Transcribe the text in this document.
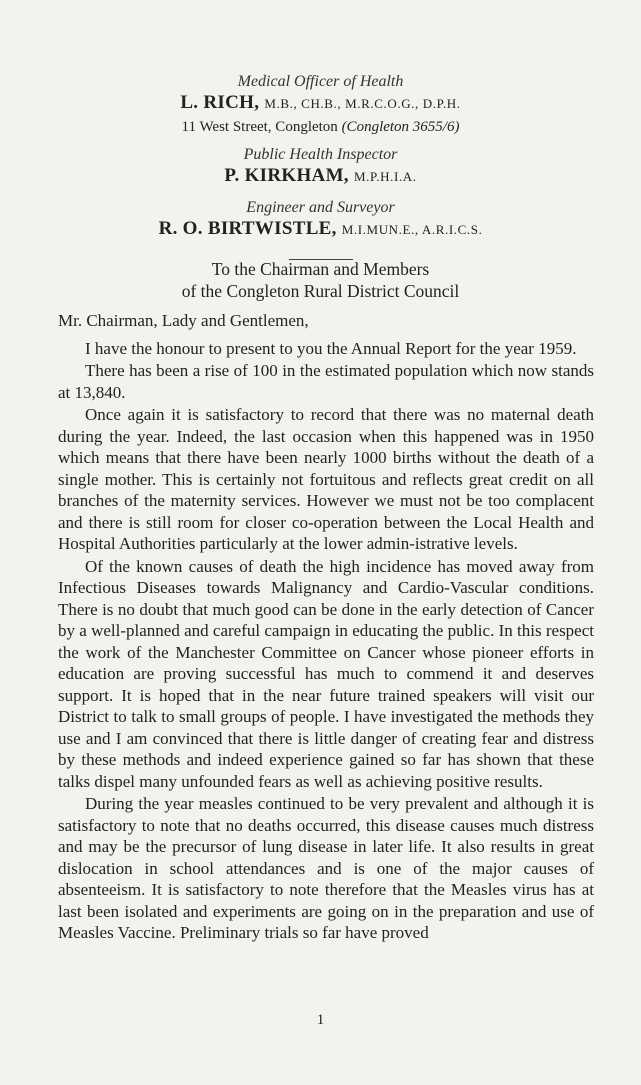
Medical Officer of Health
L. RICH, M.B., CH.B., M.R.C.O.G., D.P.H.
11 West Street, Congleton (Congleton 3655/6)
Public Health Inspector
P. KIRKHAM, M.P.H.I.A.
Engineer and Surveyor
R. O. BIRTWISTLE, M.I.MUN.E., A.R.I.C.S.
To the Chairman and Members
of the Congleton Rural District Council

Mr. Chairman, Lady and Gentlemen,

I have the honour to present to you the Annual Report for the year 1959.

There has been a rise of 100 in the estimated population which now stands at 13,840.

Once again it is satisfactory to record that there was no maternal death during the year. Indeed, the last occasion when this happened was in 1950 which means that there have been nearly 1000 births without the death of a single mother. This is certainly not fortuitous and reflects great credit on all branches of the maternity services. However we must not be too complacent and there is still room for closer co-operation between the Local Health and Hospital Authorities particularly at the lower admin-istrative levels.

Of the known causes of death the high incidence has moved away from Infectious Diseases towards Malignancy and Cardio-Vascular conditions. There is no doubt that much good can be done in the early detection of Cancer by a well-planned and careful campaign in educating the public. In this respect the work of the Manchester Committee on Cancer whose pioneer efforts in education are proving successful has much to commend it and deserves support. It is hoped that in the near future trained speakers will visit our District to talk to small groups of people. I have investigated the methods they use and I am convinced that there is little danger of creating fear and distress by these methods and indeed experience gained so far has shown that these talks dispel many unfounded fears as well as achieving positive results.

During the year measles continued to be very prevalent and although it is satisfactory to note that no deaths occurred, this disease causes much distress and may be the precursor of lung disease in later life. It also results in great dislocation in school attendances and is one of the major causes of absenteeism. It is satisfactory to note therefore that the Measles virus has at last been isolated and experiments are going on in the preparation and use of Measles Vaccine. Preliminary trials so far have proved

1
